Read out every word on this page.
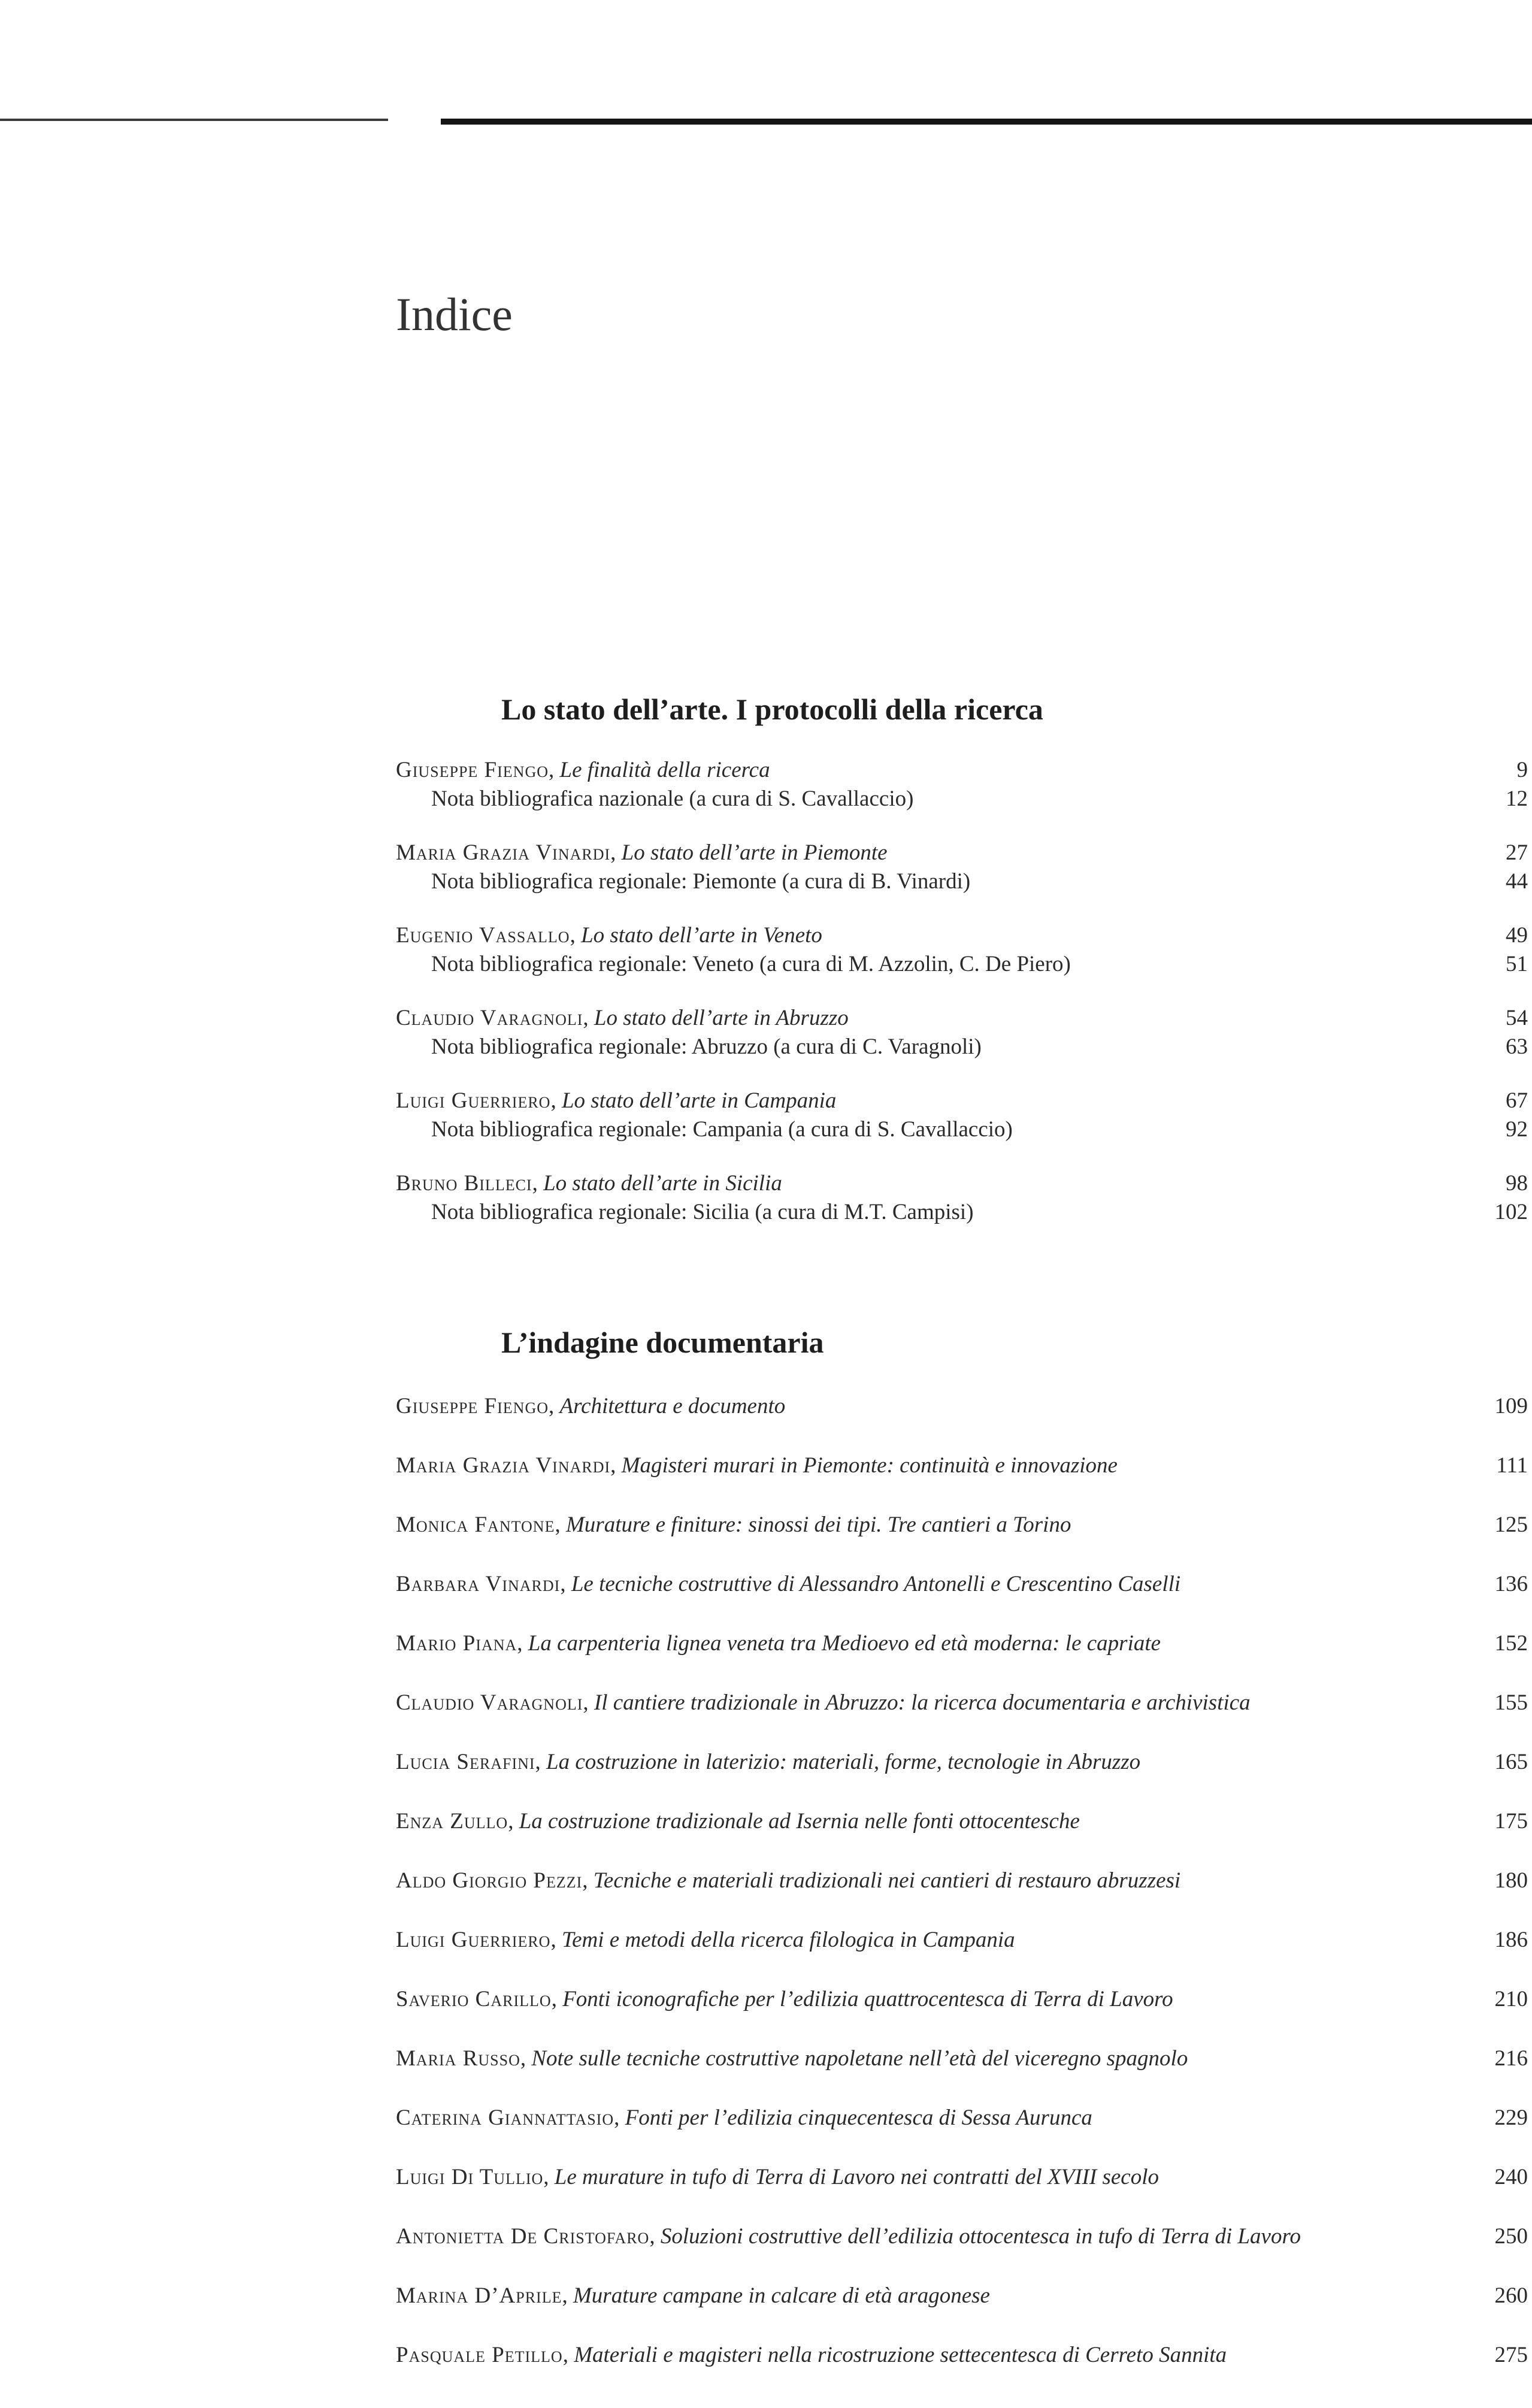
Indice
Lo stato dell’arte. I protocolli della ricerca
Giuseppe Fiengo, Le finalità della ricerca	9
Nota bibliografica nazionale (a cura di S. Cavallaccio)	12
Maria Grazia Vinardi, Lo stato dell’arte in Piemonte	27
Nota bibliografica regionale: Piemonte (a cura di B. Vinardi)	44
Eugenio Vassallo, Lo stato dell’arte in Veneto	49
Nota bibliografica regionale: Veneto (a cura di M. Azzolin, C. De Piero)	51
Claudio Varagnoli, Lo stato dell’arte in Abruzzo	54
Nota bibliografica regionale: Abruzzo (a cura di C. Varagnoli)	63
Luigi Guerriero, Lo stato dell’arte in Campania	67
Nota bibliografica regionale: Campania (a cura di S. Cavallaccio)	92
Bruno Billeci, Lo stato dell’arte in Sicilia	98
Nota bibliografica regionale: Sicilia (a cura di M.T. Campisi)	102
L’indagine documentaria
Giuseppe Fiengo, Architettura e documento	109
Maria Grazia Vinardi, Magisteri murari in Piemonte: continuità e innovazione	111
Monica Fantone, Murature e finiture: sinossi dei tipi. Tre cantieri a Torino	125
Barbara Vinardi, Le tecniche costruttive di Alessandro Antonelli e Crescentino Caselli	136
Mario Piana, La carpenteria lignea veneta tra Medioevo ed età moderna: le capriate	152
Claudio Varagnoli, Il cantiere tradizionale in Abruzzo: la ricerca documentaria e archivistica	155
Lucia Serafini, La costruzione in laterizio: materiali, forme, tecnologie in Abruzzo	165
Enza Zullo, La costruzione tradizionale ad Isernia nelle fonti ottocentesche	175
Aldo Giorgio Pezzi, Tecniche e materiali tradizionali nei cantieri di restauro abruzzesi	180
Luigi Guerriero, Temi e metodi della ricerca filologica in Campania	186
Saverio Carillo, Fonti iconografiche per l’edilizia quattrocentesca di Terra di Lavoro	210
Maria Russo, Note sulle tecniche costruttive napoletane nell’età del viceregno spagnolo	216
Caterina Giannattasio, Fonti per l’edilizia cinquecentesca di Sessa Aurunca	229
Luigi Di Tullio, Le murature in tufo di Terra di Lavoro nei contratti del XVIII secolo	240
Antonietta De Cristofaro, Soluzioni costruttive dell’edilizia ottocentesca in tufo di Terra di Lavoro	250
Marina D’Aprile, Murature campane in calcare di età aragonese	260
Pasquale Petillo, Materiali e magisteri nella ricostruzione settecentesca di Cerreto Sannita	275
